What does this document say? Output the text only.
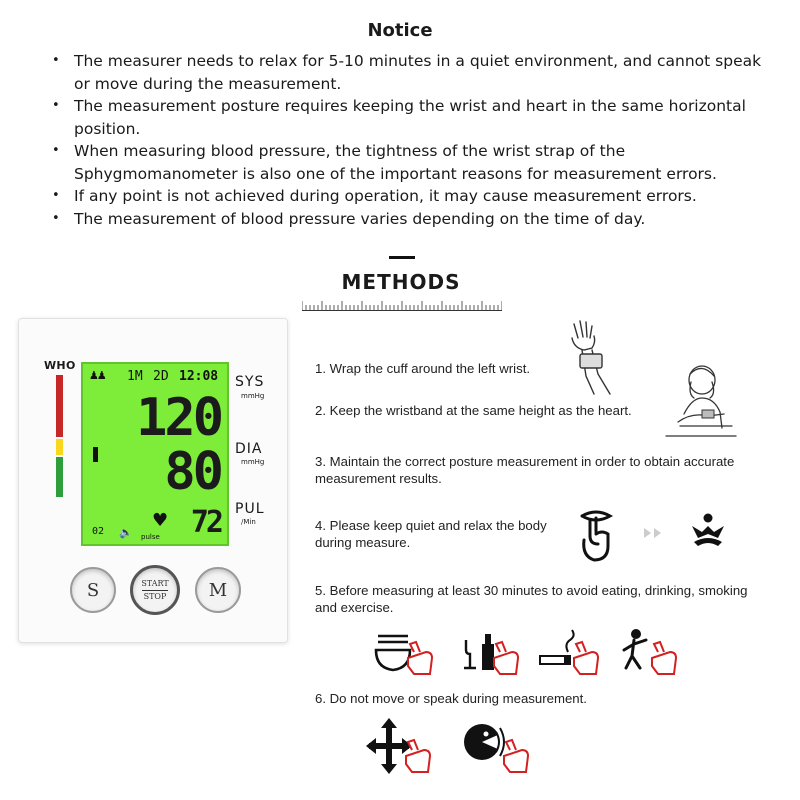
Notice
• The measurer needs to relax for 5-10 minutes in a quiet environment, and cannot speak or move during the measurement.
• The measurement posture requires keeping the wrist and heart in the same horizontal position.
• When measuring blood pressure, the tightness of the wrist strap of the Sphygmomanometer is also one of the important reasons for measurement errors.
• If any point is not achieved during operation, it may cause measurement errors.
• The measurement of blood pressure varies depending on the time of day.
METHODS
WHO
♟♟ 1M 2D 12:08
120
80
02 🔈 pulse
♥ 72
SYS
mmHg
DIA
mmHg
PUL
/Min
S	START
STOP	M
1. Wrap the cuff around the left wrist.
2. Keep the wristband at the same height as the heart.
3. Maintain the correct posture measurement in order to obtain accurate measurement results.
4. Please keep quiet and relax the body during measure.
5. Before measuring at least 30 minutes to avoid eating, drinking, smoking and exercise.
6. Do not move or speak during measurement.
